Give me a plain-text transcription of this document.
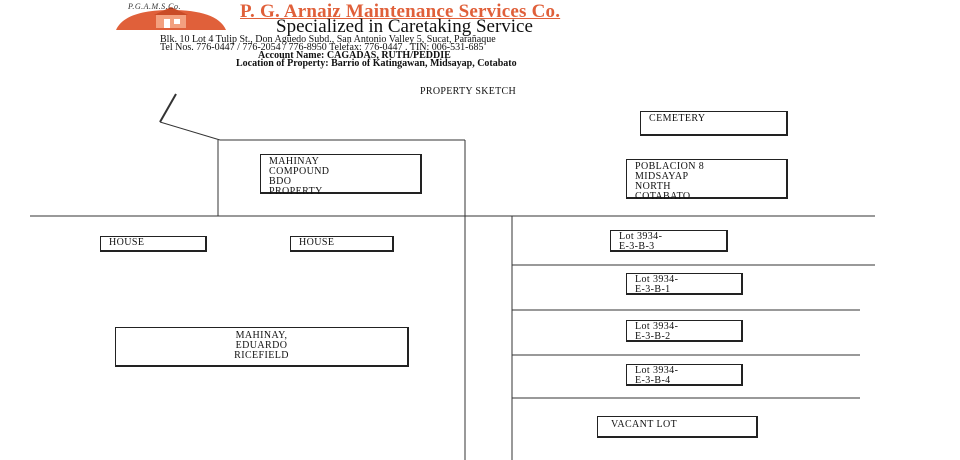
P.G.A.M.S.Co.	P. G. Arnaiz Maintenance Services Co.
Specialized in Caretaking Service
Blk. 10 Lot 4 Tulip St., Don Aguedo Subd., San Antonio Valley 5, Sucat, Parañaque
Tel Nos. 776-0447 / 776-2054 / 776-8950 Telefax: 776-0447 . TIN: 006-531-685
Account Name: CAGADAS, RUTH/PEDDIE
Location of Property: Barrio of Katingawan, Midsayap, Cotabato
PROPERTY SKETCH
CEMETERY
MAHINAY
COMPOUND
BDO
PROPERTY
POBLACION 8
MIDSAYAP
NORTH
COTABATO
HOUSE	HOUSE
MAHINAY,
EDUARDO
RICEFIELD
Lot 3934-
E-3-B-3
Lot 3934-
E-3-B-1
Lot 3934-
E-3-B-2
Lot 3934-
E-3-B-4
VACANT LOT
